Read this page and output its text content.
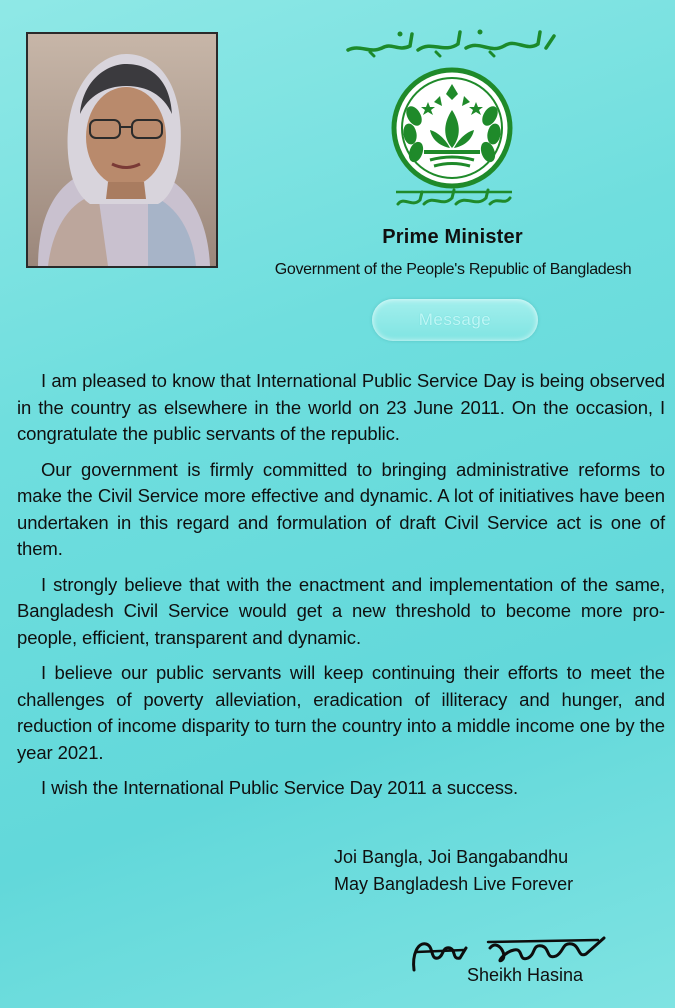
Prime Minister
Government of the People's Republic of Bangladesh
Message

I am pleased to know that International Public Service Day is being observed in the country as elsewhere in the world on 23 June 2011. On the occasion, I congratulate the public servants of the republic.

Our government is firmly committed to bringing administrative reforms to make the Civil Service more effective and dynamic. A lot of initiatives have been undertaken in this regard and formulation of draft Civil Service act is one of them.

I strongly believe that with the enactment and implementation of the same, Bangladesh Civil Service would get a new threshold to become more pro-people, efficient, transparent and dynamic.

I believe our public servants will keep continuing their efforts to meet the challenges of poverty alleviation, eradication of illiteracy and hunger, and reduction of income disparity to turn the country into a middle income one by the year 2021.

I wish the International Public Service Day 2011 a success.

Joi Bangla, Joi Bangabandhu
May Bangladesh Live Forever
Sheikh Hasina
